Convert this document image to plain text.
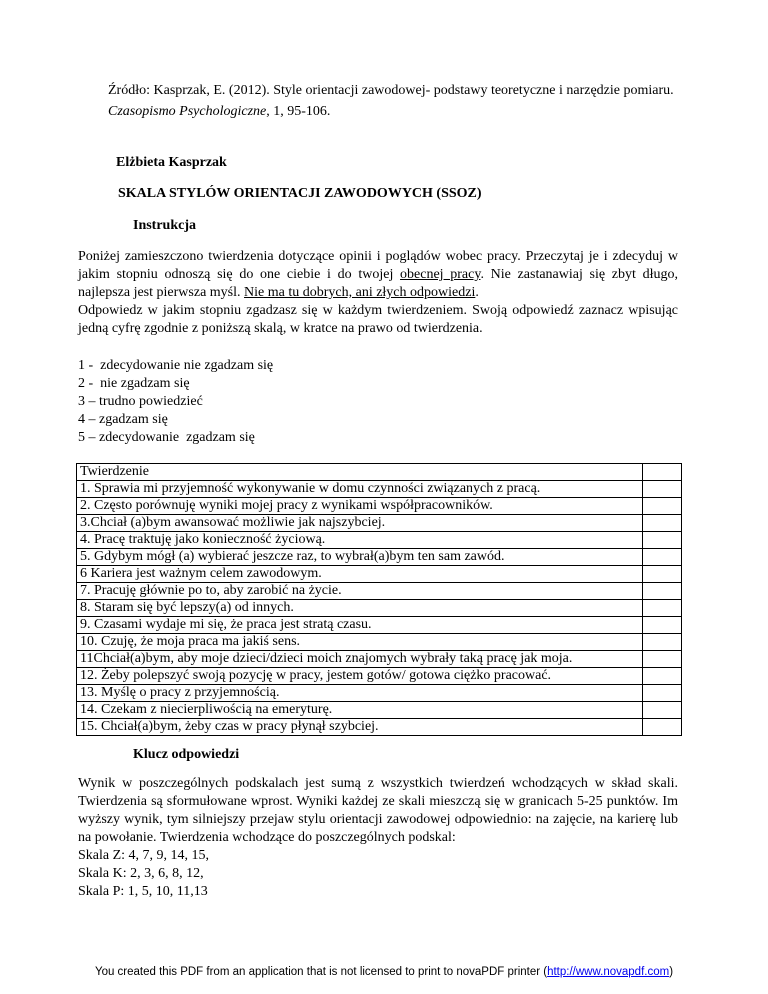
Źródło: Kasprzak, E. (2012). Style orientacji zawodowej- podstawy teoretyczne i narzędzie pomiaru. Czasopismo Psychologiczne, 1, 95-106.
Elżbieta Kasprzak
SKALA STYLÓW ORIENTACJI ZAWODOWYCH (SSOZ)
Instrukcja

Poniżej zamieszczono twierdzenia dotyczące opinii i poglądów wobec pracy. Przeczytaj je i zdecyduj w jakim stopniu odnoszą się do one ciebie i do twojej obecnej pracy. Nie zastanawiaj się zbyt długo, najlepsza jest pierwsza myśl. Nie ma tu dobrych, ani złych odpowiedzi.

Odpowiedz w jakim stopniu zgadzasz się w każdym twierdzeniem. Swoją odpowiedź zaznacz wpisując jedną cyfrę zgodnie z poniższą skalą, w kratce na prawo od twierdzenia.

1 -  zdecydowanie nie zgadzam się
2 -  nie zgadzam się
3 – trudno powiedzieć
4 – zgadzam się
5 – zdecydowanie  zgadzam się
Twierdzenie	
1. Sprawia mi przyjemność wykonywanie w domu czynności związanych z pracą.	
2. Często porównuję wyniki mojej pracy z wynikami współpracowników.	
3.Chciał (a)bym awansować możliwie jak najszybciej.	
4. Pracę traktuję jako konieczność życiową.	
5. Gdybym mógł (a) wybierać jeszcze raz, to wybrał(a)bym ten sam zawód.	
6 Kariera jest ważnym celem zawodowym.	
7. Pracuję głównie po to, aby zarobić na życie.	
8. Staram się być lepszy(a) od innych.	
9. Czasami wydaje mi się, że praca jest stratą czasu.	
10. Czuję, że moja praca ma jakiś sens.	
11Chciał(a)bym, aby moje dzieci/dzieci moich znajomych wybrały taką pracę jak moja.	
12. Żeby polepszyć swoją pozycję w pracy, jestem gotów/ gotowa ciężko pracować.	
13. Myślę o pracy z przyjemnością.	
14. Czekam z niecierpliwością na emeryturę.	
15. Chciał(a)bym, żeby czas w pracy płynął szybciej.	
Klucz odpowiedzi

Wynik w poszczególnych podskalach jest sumą z wszystkich twierdzeń wchodzących w skład skali. Twierdzenia są sformułowane wprost. Wyniki każdej ze skali mieszczą się w granicach 5-25 punktów. Im wyższy wynik, tym silniejszy przejaw stylu orientacji zawodowej odpowiednio: na zajęcie, na karierę lub na powołanie. Twierdzenia wchodzące do poszczególnych podskal:

Skala Z: 4, 7, 9, 14, 15,
Skala K: 2, 3, 6, 8, 12,
Skala P: 1, 5, 10, 11,13
You created this PDF from an application that is not licensed to print to novaPDF printer (http://www.novapdf.com)
